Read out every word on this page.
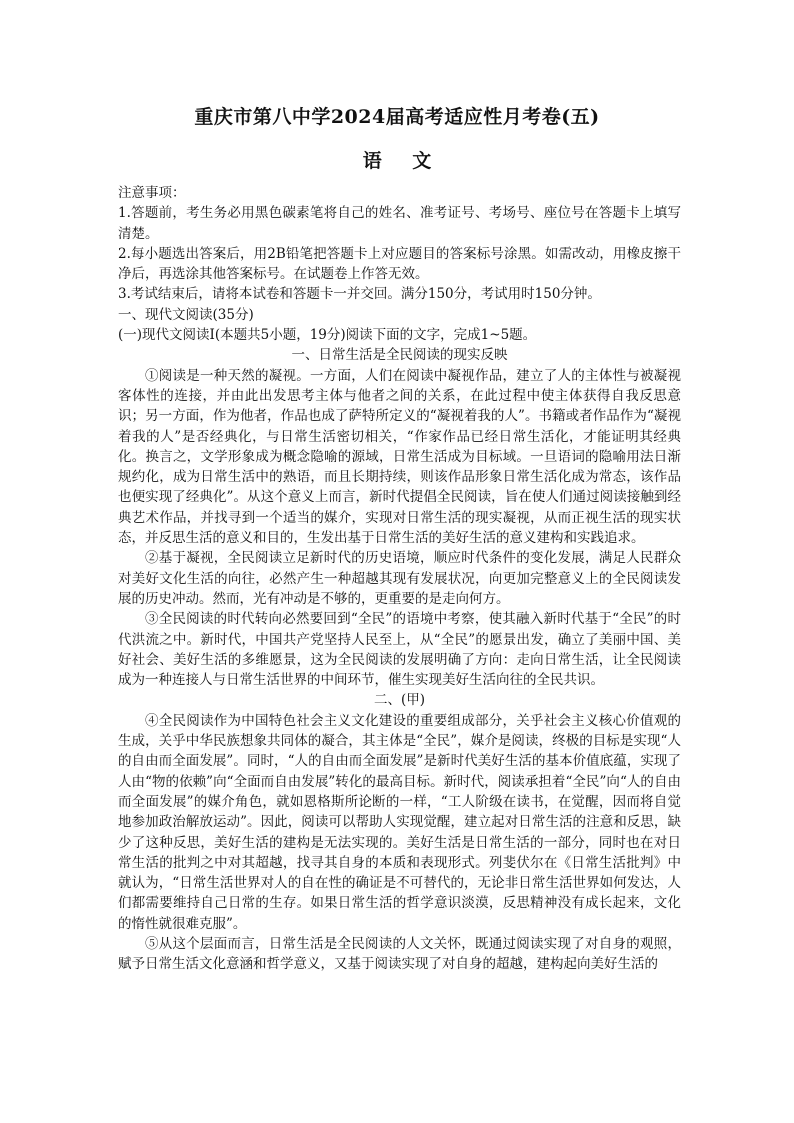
重庆市第八中学2024届高考适应性月考卷(五)
语 文
注意事项：

1.答题前，考生务必用黑色碳素笔将自己的姓名、准考证号、考场号、座位号在答题卡上填写清楚。

2.每小题选出答案后，用2B铅笔把答题卡上对应题目的答案标号涂黑。如需改动，用橡皮擦干净后，再选涂其他答案标号。在试题卷上作答无效。

3.考试结束后，请将本试卷和答题卡一并交回。满分150分，考试用时150分钟。

一、现代文阅读(35分)
(一)现代文阅读I(本题共5小题，19分)阅读下面的文字，完成1~5题。
一、日常生活是全民阅读的现实反映

①阅读是一种天然的凝视。一方面，人们在阅读中凝视作品，建立了人的主体性与被凝视客体性的连接，并由此出发思考主体与他者之间的关系，在此过程中使主体获得自我反思意识；另一方面，作为他者，作品也成了萨特所定义的“凝视着我的人”。书籍或者作品作为“凝视着我的人”是否经典化，与日常生活密切相关，“作家作品已经日常生活化，才能证明其经典化。换言之，文学形象成为概念隐喻的源域，日常生活成为目标域。一旦语词的隐喻用法日渐规约化，成为日常生活中的熟语，而且长期持续，则该作品形象日常生活化成为常态，该作品也便实现了经典化”。从这个意义上而言，新时代提倡全民阅读，旨在使人们通过阅读接触到经典艺术作品，并找寻到一个适当的媒介，实现对日常生活的现实凝视，从而正视生活的现实状态，并反思生活的意义和目的，生发出基于日常生活的美好生活的意义建构和实践追求。

②基于凝视，全民阅读立足新时代的历史语境，顺应时代条件的变化发展，满足人民群众对美好文化生活的向往，必然产生一种超越其现有发展状况，向更加完整意义上的全民阅读发展的历史冲动。然而，光有冲动是不够的，更重要的是走向何方。

③全民阅读的时代转向必然要回到“全民”的语境中考察，使其融入新时代基于“全民”的时代洪流之中。新时代，中国共产党坚持人民至上，从“全民”的愿景出发，确立了美丽中国、美好社会、美好生活的多维愿景，这为全民阅读的发展明确了方向：走向日常生活，让全民阅读成为一种连接人与日常生活世界的中间环节，催生实现美好生活向往的全民共识。

二、(甲)

④全民阅读作为中国特色社会主义文化建设的重要组成部分，关乎社会主义核心价值观的生成，关乎中华民族想象共同体的凝合，其主体是“全民”，媒介是阅读，终极的目标是实现“人的自由而全面发展”。同时，“人的自由而全面发展”是新时代美好生活的基本价值底蕴，实现了人由“物的依赖”向“全面而自由发展”转化的最高目标。新时代，阅读承担着“全民”向“人的自由而全面发展”的媒介角色，就如恩格斯所论断的一样，“工人阶级在读书，在觉醒，因而将自觉地参加政治解放运动”。因此，阅读可以帮助人实现觉醒，建立起对日常生活的注意和反思，缺少了这种反思，美好生活的建构是无法实现的。美好生活是日常生活的一部分，同时也在对日常生活的批判之中对其超越，找寻其自身的本质和表现形式。列斐伏尔在《日常生活批判》中就认为，“日常生活世界对人的自在性的确证是不可替代的，无论非日常生活世界如何发达，人们都需要维持自己日常的生存。如果日常生活的哲学意识淡漠，反思精神没有成长起来，文化的惰性就很难克服”。

⑤从这个层面而言，日常生活是全民阅读的人文关怀，既通过阅读实现了对自身的观照，赋予日常生活文化意涵和哲学意义，又基于阅读实现了对自身的超越，建构起向美好生活的
